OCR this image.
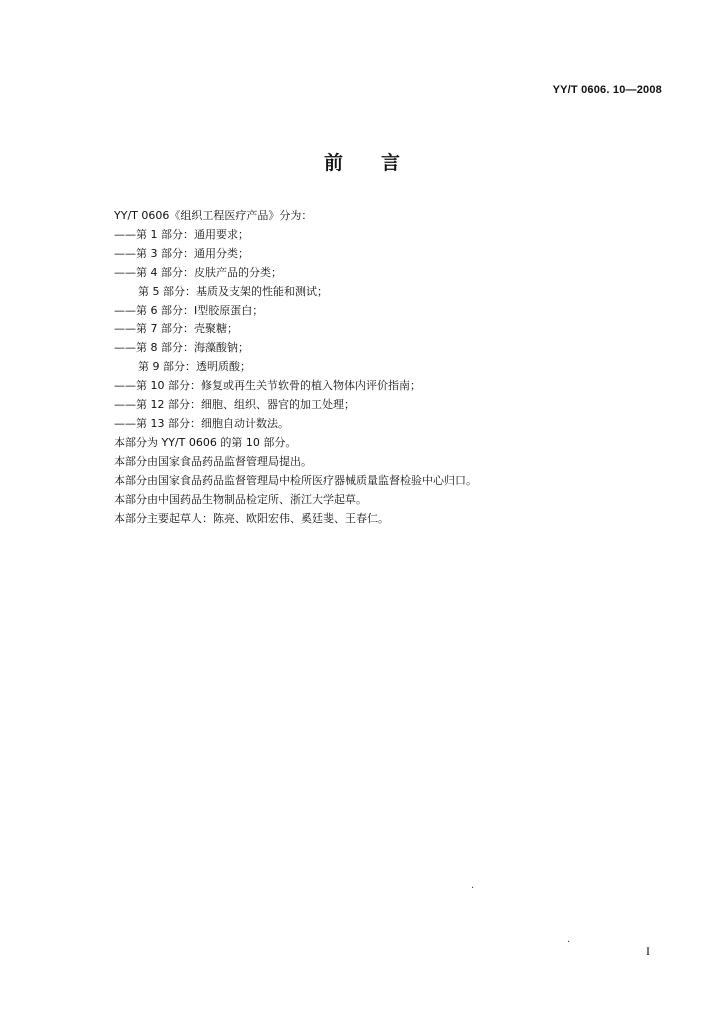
YY/T 0606. 10—2008
前言
YY/T 0606《组织工程医疗产品》分为：
——第 1 部分：通用要求；
——第 3 部分：通用分类；
——第 4 部分：皮肤产品的分类；
第 5 部分：基质及支架的性能和测试；
——第 6 部分：Ⅰ型胶原蛋白；
——第 7 部分：壳聚糖；
——第 8 部分：海藻酸钠；
第 9 部分：透明质酸；
——第 10 部分：修复或再生关节软骨的植入物体内评价指南；
——第 12 部分：细胞、组织、器官的加工处理；
——第 13 部分：细胞自动计数法。
本部分为 YY/T 0606 的第 10 部分。
本部分由国家食品药品监督管理局提出。
本部分由国家食品药品监督管理局中检所医疗器械质量监督检验中心归口。
本部分由中国药品生物制品检定所、浙江大学起草。
本部分主要起草人：陈亮、欧阳宏伟、奚廷斐、王春仁。
·
·
I
